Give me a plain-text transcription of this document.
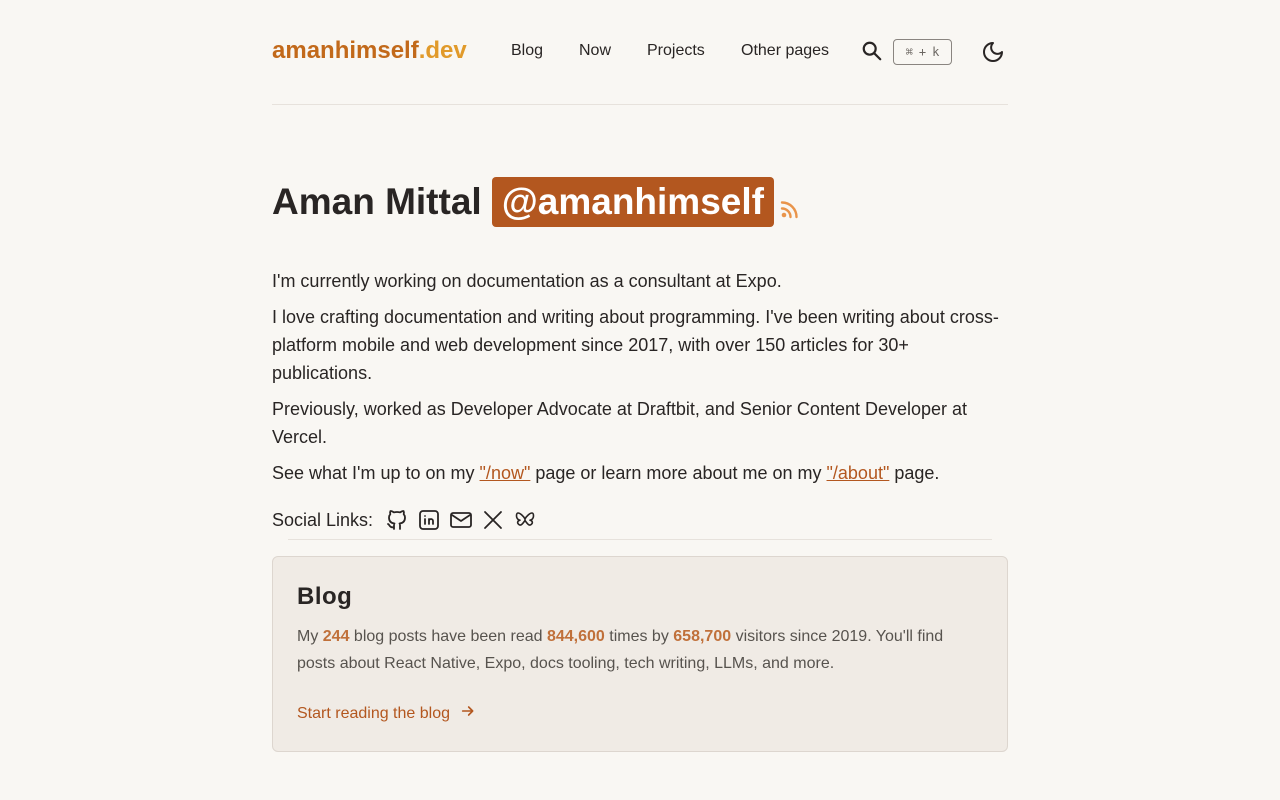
amanhimself.dev	Blog Now Projects Other pages	⌘ + k
Aman Mittal @amanhimself

I'm currently working on documentation as a consultant at Expo.

I love crafting documentation and writing about programming. I've been writing about cross-platform mobile and web development since 2017, with over 150 articles for 30+ publications.

Previously, worked as Developer Advocate at Draftbit, and Senior Content Developer at Vercel.

See what I'm up to on my "/now" page or learn more about me on my "/about" page.

Social Links:
Blog

My 244 blog posts have been read 844,600 times by 658,700 visitors since 2019. You'll find posts about React Native, Expo, docs tooling, tech writing, LLMs, and more.

Start reading the blog
